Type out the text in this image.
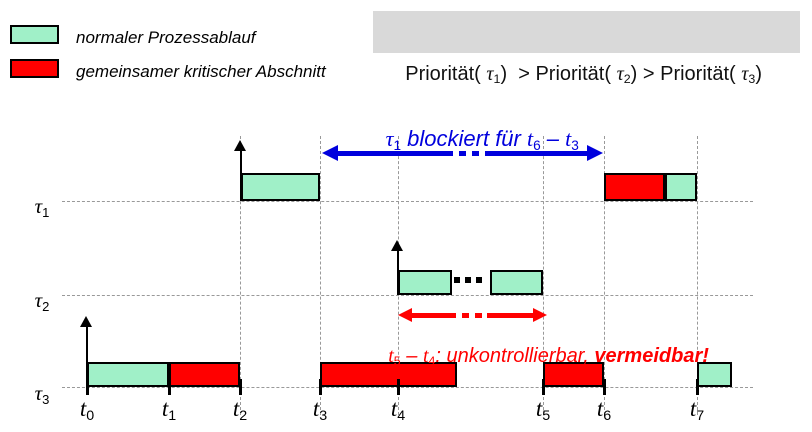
normaler Prozessablauf
gemeinsamer kritischer Abschnitt	Priorität( τ1)  > Priorität( τ2) > Priorität( τ3)

τ1 blockiert für t6 – t3

t5 – t4: unkontrollierbar, vermeidbar!

τ1
τ2
τ3	t0	t1	t2	t3	t4	t5	t6	t7
